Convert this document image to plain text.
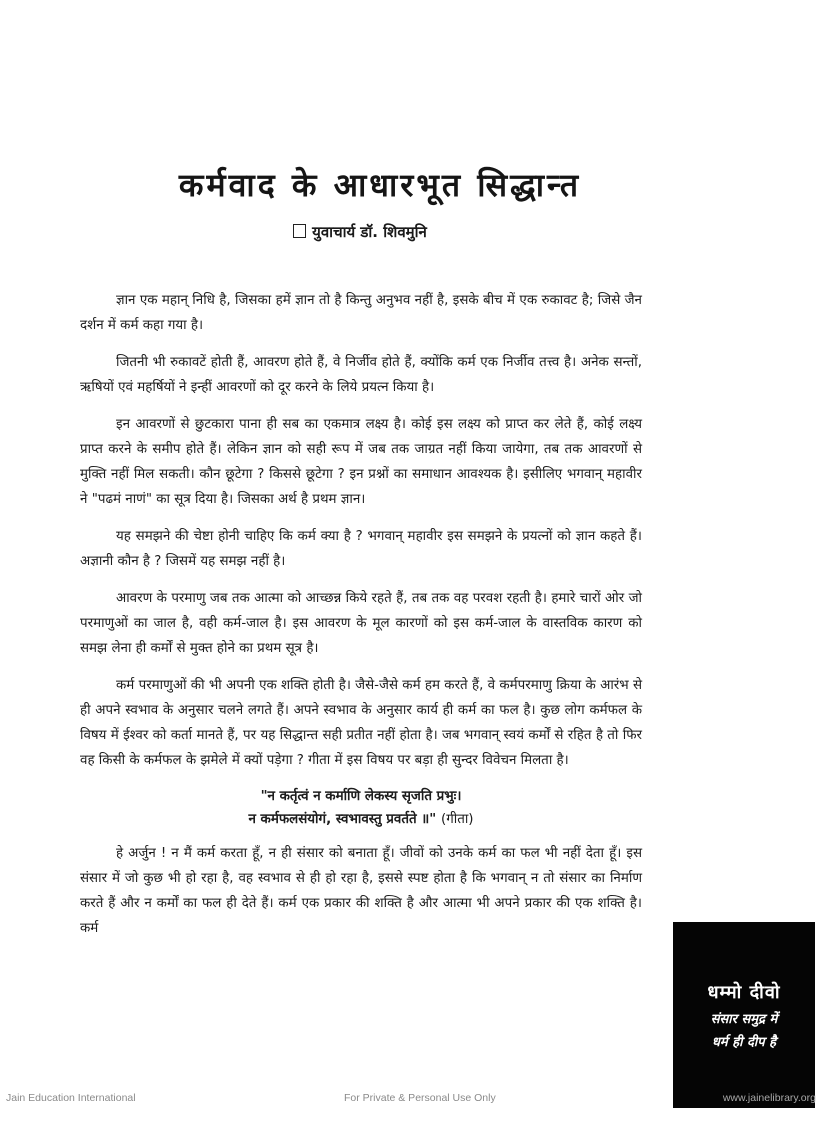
कर्मवाद के आधारभूत सिद्धान्त
युवाचार्य डॉ. शिवमुनि

ज्ञान एक महान् निधि है, जिसका हमें ज्ञान तो है किन्तु अनुभव नहीं है, इसके बीच में एक रुकावट है; जिसे जैन दर्शन में कर्म कहा गया है।

जितनी भी रुकावटें होती हैं, आवरण होते हैं, वे निर्जीव होते हैं, क्योंकि कर्म एक निर्जीव तत्त्व है। अनेक सन्तों, ऋषियों एवं महर्षियों ने इन्हीं आवरणों को दूर करने के लिये प्रयत्न किया है।

इन आवरणों से छुटकारा पाना ही सब का एकमात्र लक्ष्य है। कोई इस लक्ष्य को प्राप्त कर लेते हैं, कोई लक्ष्य प्राप्त करने के समीप होते हैं। लेकिन ज्ञान को सही रूप में जब तक जाग्रत नहीं किया जायेगा, तब तक आवरणों से मुक्ति नहीं मिल सकती। कौन छूटेगा ? किससे छूटेगा ? इन प्रश्नों का समाधान आवश्यक है। इसीलिए भगवान् महावीर ने "पढमं नाणं" का सूत्र दिया है। जिसका अर्थ है प्रथम ज्ञान।

यह समझने की चेष्टा होनी चाहिए कि कर्म क्या है ? भगवान् महावीर इस समझने के प्रयत्नों को ज्ञान कहते हैं। अज्ञानी कौन है ? जिसमें यह समझ नहीं है।

आवरण के परमाणु जब तक आत्मा को आच्छन्न किये रहते हैं, तब तक वह परवश रहती है। हमारे चारों ओर जो परमाणुओं का जाल है, वही कर्म-जाल है। इस आवरण के मूल कारणों को इस कर्म-जाल के वास्तविक कारण को समझ लेना ही कर्मों से मुक्त होने का प्रथम सूत्र है।

कर्म परमाणुओं की भी अपनी एक शक्ति होती है। जैसे-जैसे कर्म हम करते हैं, वे कर्मपरमाणु क्रिया के आरंभ से ही अपने स्वभाव के अनुसार चलने लगते हैं। अपने स्वभाव के अनुसार कार्य ही कर्म का फल है। कुछ लोग कर्मफल के विषय में ईश्वर को कर्ता मानते हैं, पर यह सिद्धान्त सही प्रतीत नहीं होता है। जब भगवान् स्वयं कर्मों से रहित है तो फिर वह किसी के कर्मफल के झमेले में क्यों पड़ेगा ? गीता में इस विषय पर बड़ा ही सुन्दर विवेचन मिलता है।

"न कर्तृत्वं न कर्माणि लेकस्य सृजति प्रभुः।
न कर्मफलसंयोगं, स्वभावस्तु प्रवर्तते ॥" (गीता)

हे अर्जुन ! न मैं कर्म करता हूँ, न ही संसार को बनाता हूँ। जीवों को उनके कर्म का फल भी नहीं देता हूँ। इस संसार में जो कुछ भी हो रहा है, वह स्वभाव से ही हो रहा है, इससे स्पष्ट होता है कि भगवान् न तो संसार का निर्माण करते हैं और न कर्मों का फल ही देते हैं। कर्म एक प्रकार की शक्ति है और आत्मा भी अपने प्रकार की एक शक्ति है। कर्म

धम्मो दीवो
संसार समुद्र में
धर्म ही दीप है
Jain Education International	For Private & Personal Use Only	www.jainelibrary.org
